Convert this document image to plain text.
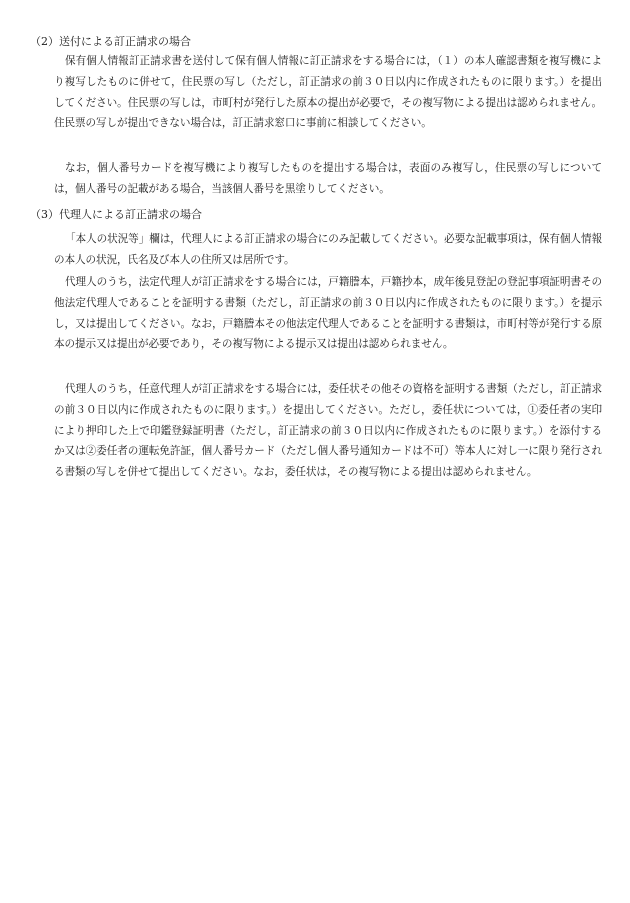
（2）送付による訂正請求の場合
保有個人情報訂正請求書を送付して保有個人情報に訂正請求をする場合には，（１）の本人確認書類を複写機により複写したものに併せて，住民票の写し（ただし，訂正請求の前３０日以内に作成されたものに限ります。）を提出してください。住民票の写しは，市町村が発行した原本の提出が必要で，その複写物による提出は認められません。住民票の写しが提出できない場合は，訂正請求窓口に事前に相談してください。
なお，個人番号カードを複写機により複写したものを提出する場合は，表面のみ複写し，住民票の写しについては，個人番号の記載がある場合，当該個人番号を黒塗りしてください。
（3）代理人による訂正請求の場合
「本人の状況等」欄は，代理人による訂正請求の場合にのみ記載してください。必要な記載事項は，保有個人情報の本人の状況，氏名及び本人の住所又は居所です。
代理人のうち，法定代理人が訂正請求をする場合には，戸籍謄本，戸籍抄本，成年後見登記の登記事項証明書その他法定代理人であることを証明する書類（ただし，訂正請求の前３０日以内に作成されたものに限ります。）を提示し，又は提出してください。なお，戸籍謄本その他法定代理人であることを証明する書類は，市町村等が発行する原本の提示又は提出が必要であり，その複写物による提示又は提出は認められません。
代理人のうち，任意代理人が訂正請求をする場合には，委任状その他その資格を証明する書類（ただし，訂正請求の前３０日以内に作成されたものに限ります。）を提出してください。ただし，委任状については，①委任者の実印により押印した上で印鑑登録証明書（ただし，訂正請求の前３０日以内に作成されたものに限ります。）を添付するか又は②委任者の運転免許証，個人番号カード（ただし個人番号通知カードは不可）等本人に対し一に限り発行される書類の写しを併せて提出してください。なお，委任状は，その複写物による提出は認められません。
